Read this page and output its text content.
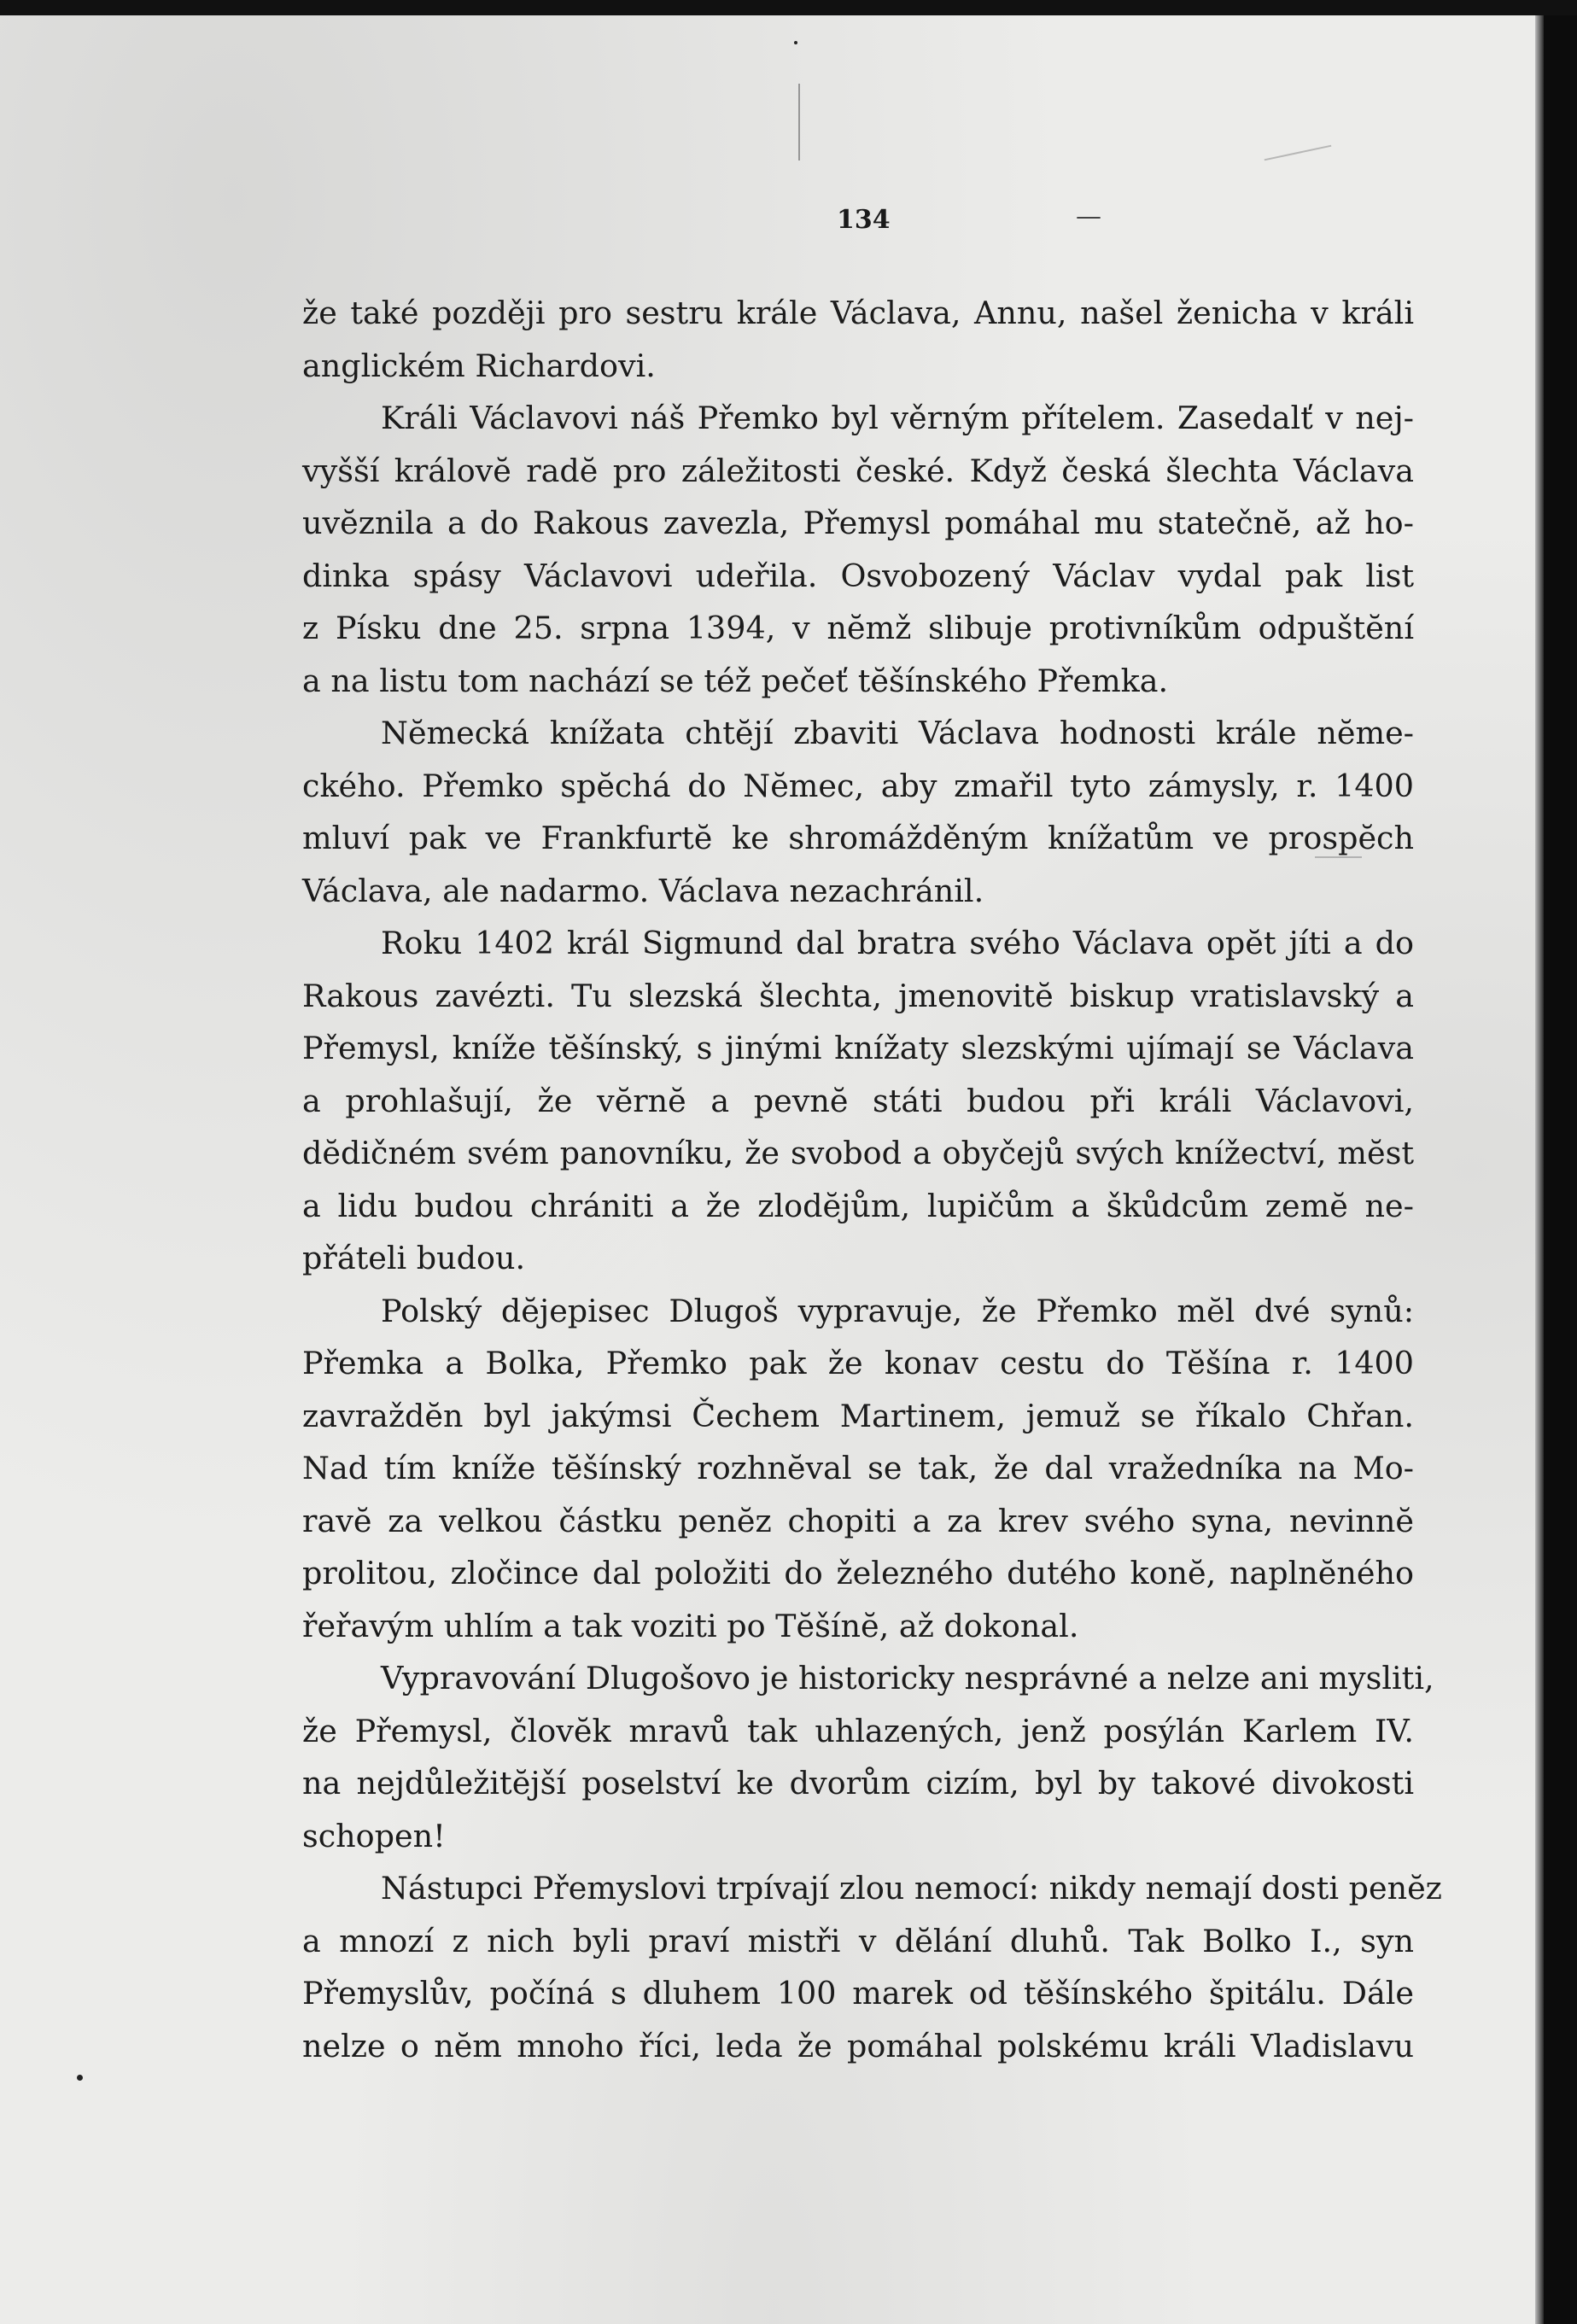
134	—
že také později pro sestru krále Václava, Annu, našel ženicha v králi
anglickém Richardovi.
Králi Václavovi náš Přemko byl věrným přítelem. Zasedalť v nej-
vyšší královĕ radĕ pro záležitosti české. Když česká šlechta Václava
uvĕznila a do Rakous zavezla, Přemysl pomáhal mu statečnĕ, až ho-
dinka spásy Václavovi udeřila. Osvobozený Václav vydal pak list
z Písku dne 25. srpna 1394, v nĕmž slibuje protivníkům odpuštĕní
a na listu tom nachází se též pečeť tĕšínského Přemka.
Nĕmecká knížata chtĕjí zbaviti Václava hodnosti krále nĕme-
ckého. Přemko spĕchá do Nĕmec, aby zmařil tyto zámysly, r. 1400
mluví pak ve Frankfurtĕ ke shromážděným knížatům ve prospĕch
Václava, ale nadarmo. Václava nezachránil.
Roku 1402 král Sigmund dal bratra svého Václava opĕt jíti a do
Rakous zavézti. Tu slezská šlechta, jmenovitĕ biskup vratislavský a
Přemysl, kníže tĕšínský, s jinými knížaty slezskými ujímají se Václava
a prohlašují, že vĕrnĕ a pevnĕ státi budou při králi Václavovi,
dĕdičném svém panovníku, že svobod a obyčejů svých knížectví, mĕst
a lidu budou chrániti a že zlodĕjům, lupičům a škůdcům zemĕ ne-
přáteli budou.
Polský dĕjepisec Dlugoš vypravuje, že Přemko mĕl dvé synů:
Přemka a Bolka, Přemko pak že konav cestu do Tĕšína r. 1400
zavraždĕn byl jakýmsi Čechem Martinem, jemuž se říkalo Chřan.
Nad tím kníže tĕšínský rozhnĕval se tak, že dal vražedníka na Mo-
ravĕ za velkou částku penĕz chopiti a za krev svého syna, nevinnĕ
prolitou, zločince dal položiti do železného dutého konĕ, naplnĕného
řeřavým uhlím a tak voziti po Tĕšínĕ, až dokonal.
Vypravování Dlugošovo je historicky nesprávné a nelze ani mysliti,
že Přemysl, človĕk mravů tak uhlazených, jenž posýlán Karlem IV.
na nejdůležitĕjší poselství ke dvorům cizím, byl by takové divokosti
schopen!
Nástupci Přemyslovi trpívají zlou nemocí: nikdy nemají dosti penĕz
a mnozí z nich byli praví mistři v dĕlání dluhů. Tak Bolko I., syn
Přemyslův, počíná s dluhem 100 marek od tĕšínského špitálu. Dále
nelze o nĕm mnoho říci, leda že pomáhal polskému králi Vladislavu
